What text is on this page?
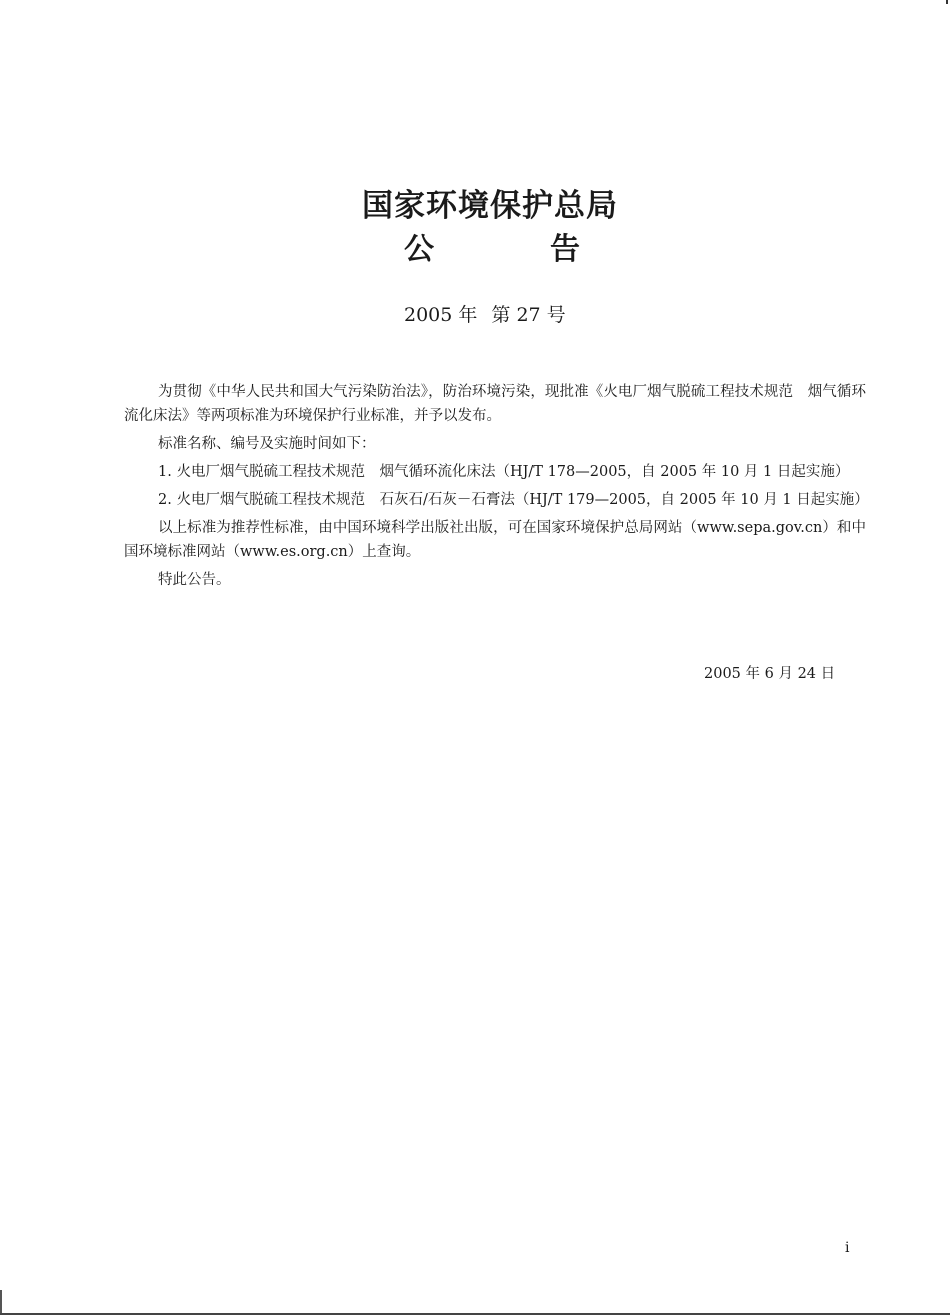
国家环境保护总局
公	告
2005 年 第 27 号

为贯彻《中华人民共和国大气污染防治法》，防治环境污染，现批准《火电厂烟气脱硫工程技术规范　烟气循环流化床法》等两项标准为环境保护行业标准，并予以发布。

标准名称、编号及实施时间如下：

1. 火电厂烟气脱硫工程技术规范　烟气循环流化床法（HJ/T 178—2005，自 2005 年 10 月 1 日起实施）

2. 火电厂烟气脱硫工程技术规范　石灰石/石灰－石膏法（HJ/T 179—2005，自 2005 年 10 月 1 日起实施）

以上标准为推荐性标准，由中国环境科学出版社出版，可在国家环境保护总局网站（www.sepa.gov.cn）和中国环境标准网站（www.es.org.cn）上查询。

特此公告。

2005 年 6 月 24 日
i
